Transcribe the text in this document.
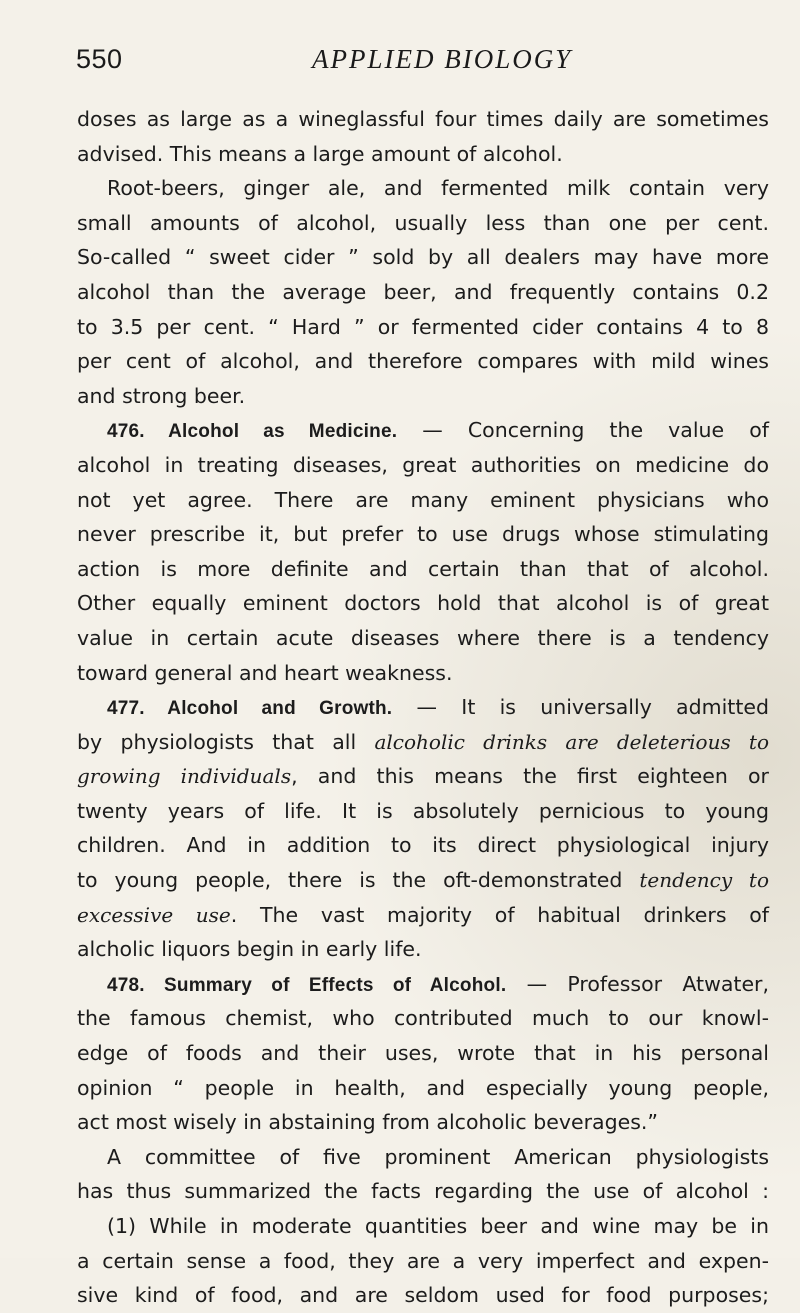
550	APPLIED BIOLOGY
doses as large as a wineglassful four times daily are sometimes
advised. This means a large amount of alcohol.
Root-beers, ginger ale, and fermented milk contain very
small amounts of alcohol, usually less than one per cent.
So-called “ sweet cider ” sold by all dealers may have more
alcohol than the average beer, and frequently contains 0.2
to 3.5 per cent. “ Hard ” or fermented cider contains 4 to 8
per cent of alcohol, and therefore compares with mild wines
and strong beer.
476. Alcohol as Medicine. — Concerning the value of
alcohol in treating diseases, great authorities on medicine do
not yet agree. There are many eminent physicians who
never prescribe it, but prefer to use drugs whose stimulating
action is more definite and certain than that of alcohol.
Other equally eminent doctors hold that alcohol is of great
value in certain acute diseases where there is a tendency
toward general and heart weakness.
477. Alcohol and Growth. — It is universally admitted
by physiologists that all alcoholic drinks are deleterious to
growing individuals, and this means the first eighteen or
twenty years of life. It is absolutely pernicious to young
children. And in addition to its direct physiological injury
to young people, there is the oft-demonstrated tendency to
excessive use. The vast majority of habitual drinkers of
alcholic liquors begin in early life.
478. Summary of Effects of Alcohol. — Professor Atwater,
the famous chemist, who contributed much to our knowl-
edge of foods and their uses, wrote that in his personal
opinion “ people in health, and especially young people,
act most wisely in abstaining from alcoholic beverages.”
A committee of five prominent American physiologists
has thus summarized the facts regarding the use of alcohol :
(1) While in moderate quantities beer and wine may be in
a certain sense a food, they are a very imperfect and expen-
sive kind of food, and are seldom used for food purposes;
